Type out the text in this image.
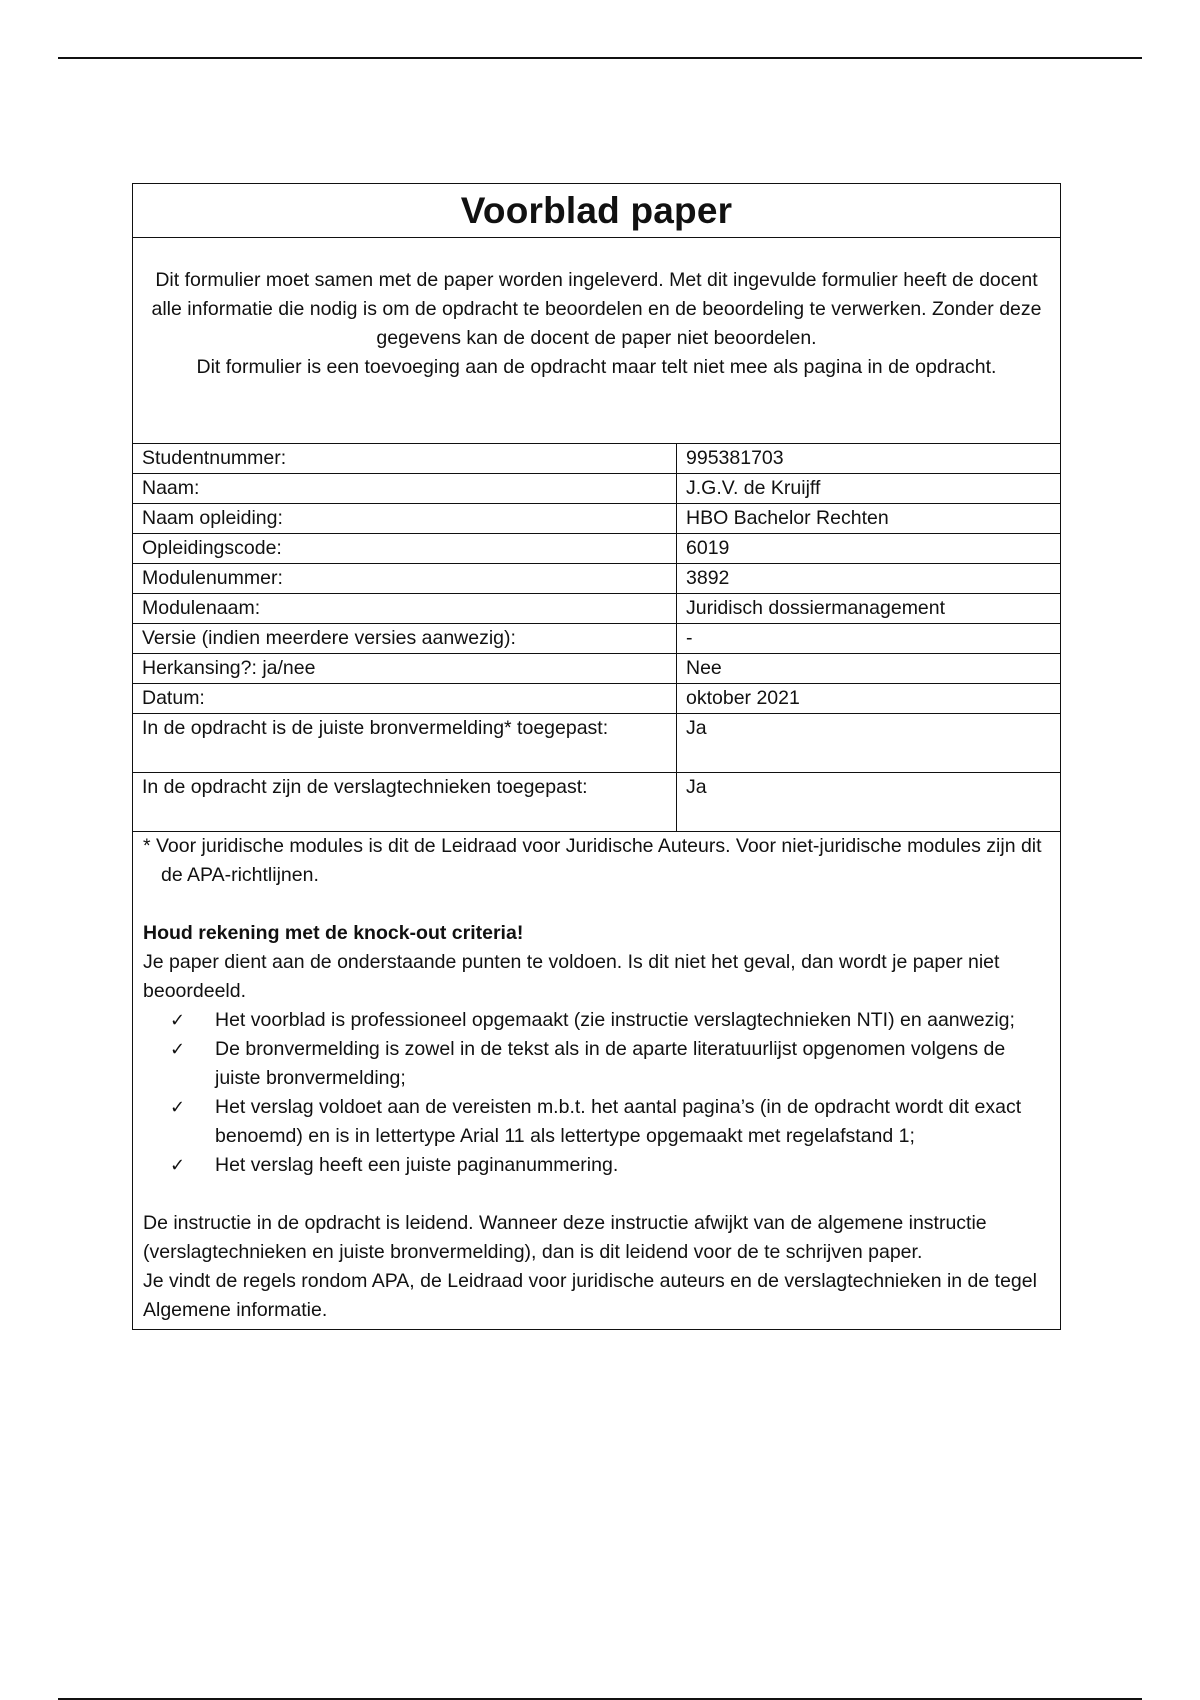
Voorblad paper

Dit formulier moet samen met de paper worden ingeleverd. Met dit ingevulde formulier heeft de docent alle informatie die nodig is om de opdracht te beoordelen en de beoordeling te verwerken. Zonder deze gegevens kan de docent de paper niet beoordelen.

Dit formulier is een toevoeging aan de opdracht maar telt niet mee als pagina in de opdracht.

Studentnummer:	995381703
Naam:	J.G.V. de Kruijff
Naam opleiding:	HBO Bachelor Rechten
Opleidingscode:	6019
Modulenummer:	3892
Modulenaam:	Juridisch dossiermanagement
Versie (indien meerdere versies aanwezig):	-
Herkansing?: ja/nee	Nee
Datum:	oktober 2021
In de opdracht is de juiste bronvermelding* toegepast:	Ja
In de opdracht zijn de verslagtechnieken toegepast:	Ja

* Voor juridische modules is dit de Leidraad voor Juridische Auteurs. Voor niet-juridische modules zijn dit de APA-richtlijnen.

Houd rekening met de knock-out criteria!

Je paper dient aan de onderstaande punten te voldoen. Is dit niet het geval, dan wordt je paper niet beoordeeld.

✓ Het voorblad is professioneel opgemaakt (zie instructie verslagtechnieken NTI) en aanwezig;
✓ De bronvermelding is zowel in de tekst als in de aparte literatuurlijst opgenomen volgens de juiste bronvermelding;
✓ Het verslag voldoet aan de vereisten m.b.t. het aantal pagina’s (in de opdracht wordt dit exact benoemd) en is in lettertype Arial 11 als lettertype opgemaakt met regelafstand 1;
✓ Het verslag heeft een juiste paginanummering.

De instructie in de opdracht is leidend. Wanneer deze instructie afwijkt van de algemene instructie (verslagtechnieken en juiste bronvermelding), dan is dit leidend voor de te schrijven paper.

Je vindt de regels rondom APA, de Leidraad voor juridische auteurs en de verslagtechnieken in de tegel Algemene informatie.
